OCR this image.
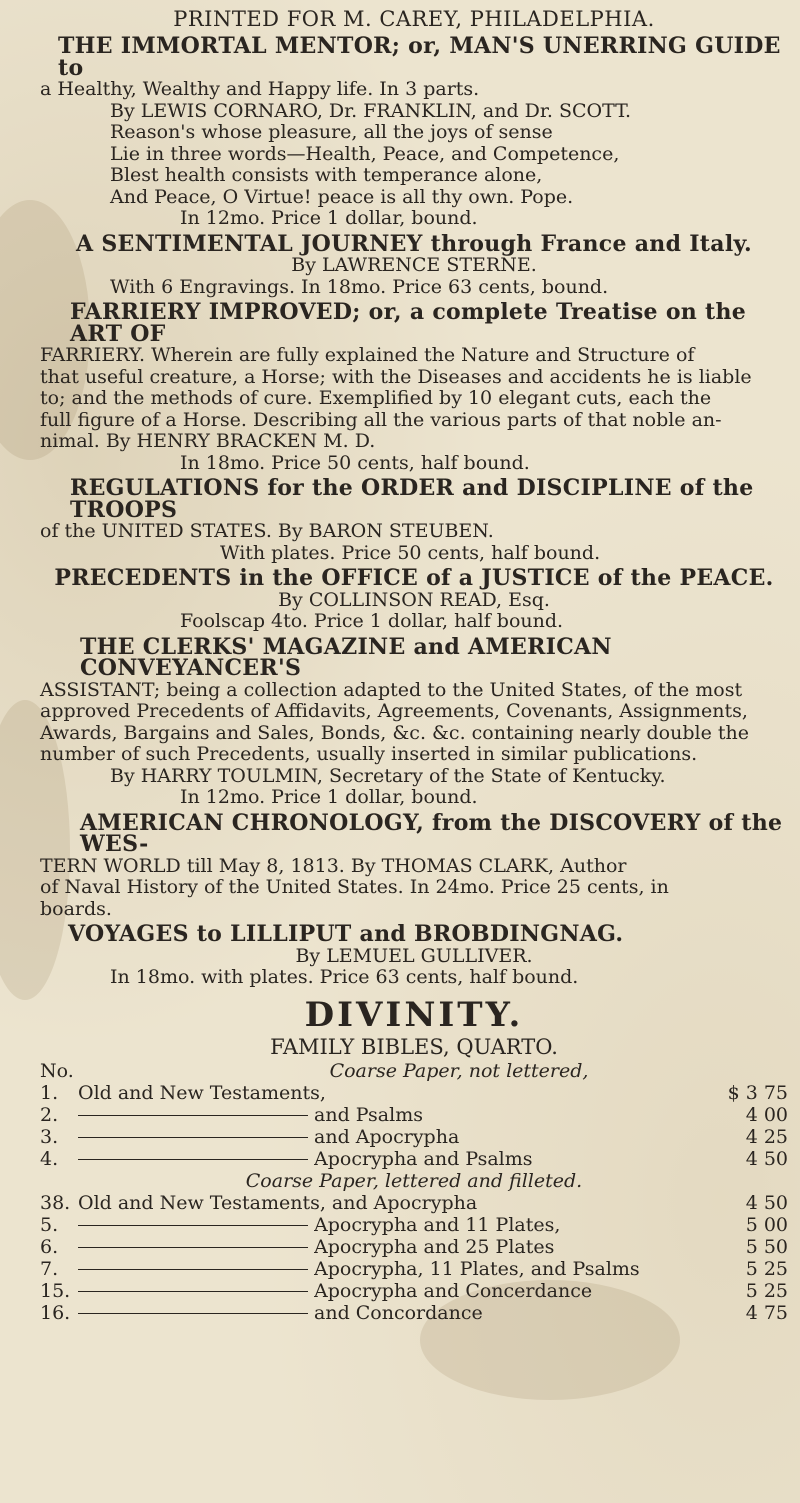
PRINTED FOR M. CAREY, PHILADELPHIA.

THE IMMORTAL MENTOR; or, MAN'S UNERRING GUIDE to

a Healthy, Wealthy and Happy life. In 3 parts.

By LEWIS CORNARO, Dr. FRANKLIN, and Dr. SCOTT.

Reason's whose pleasure, all the joys of sense

Lie in three words—Health, Peace, and Competence,

Blest health consists with temperance alone,

And Peace, O Virtue! peace is all thy own. Pope.

In 12mo. Price 1 dollar, bound.

A SENTIMENTAL JOURNEY through France and Italy.

By LAWRENCE STERNE.

With 6 Engravings. In 18mo. Price 63 cents, bound.

FARRIERY IMPROVED; or, a complete Treatise on the ART OF

FARRIERY. Wherein are fully explained the Nature and Structure of

that useful creature, a Horse; with the Diseases and accidents he is liable

to; and the methods of cure. Exemplified by 10 elegant cuts, each the

full figure of a Horse. Describing all the various parts of that noble an-

nimal. By HENRY BRACKEN M. D.

In 18mo. Price 50 cents, half bound.

REGULATIONS for the ORDER and DISCIPLINE of the TROOPS

of the UNITED STATES. By BARON STEUBEN.

With plates. Price 50 cents, half bound.

PRECEDENTS in the OFFICE of a JUSTICE of the PEACE.

By COLLINSON READ, Esq.

Foolscap 4to. Price 1 dollar, half bound.

THE CLERKS' MAGAZINE and AMERICAN CONVEYANCER'S

ASSISTANT; being a collection adapted to the United States, of the most

approved Precedents of Affidavits, Agreements, Covenants, Assignments,

Awards, Bargains and Sales, Bonds, &c. &c. containing nearly double the

number of such Precedents, usually inserted in similar publications.

By HARRY TOULMIN, Secretary of the State of Kentucky.

In 12mo. Price 1 dollar, bound.

AMERICAN CHRONOLOGY, from the DISCOVERY of the WES-

TERN WORLD till May 8, 1813. By THOMAS CLARK, Author

of Naval History of the United States. In 24mo. Price 25 cents, in

boards.

VOYAGES to LILLIPUT and BROBDINGNAG.

By LEMUEL GULLIVER.

In 18mo. with plates. Price 63 cents, half bound.

DIVINITY.
FAMILY BIBLES, QUARTO.
No.	Coarse Paper, not lettered,
1.	Old and New Testaments,	$ 3 75
2.	and Psalms	4 00
3.	and Apocrypha	4 25
4.	Apocrypha and Psalms	4 50
Coarse Paper, lettered and filleted.
38. Old and New Testaments, and Apocrypha	4 50
5.	Apocrypha and 11 Plates,	5 00
6.	Apocrypha and 25 Plates	5 50
7.	Apocrypha, 11 Plates, and Psalms	5 25
15.	Apocrypha and Concerdance	5 25
16.	and Concordance	4 75
